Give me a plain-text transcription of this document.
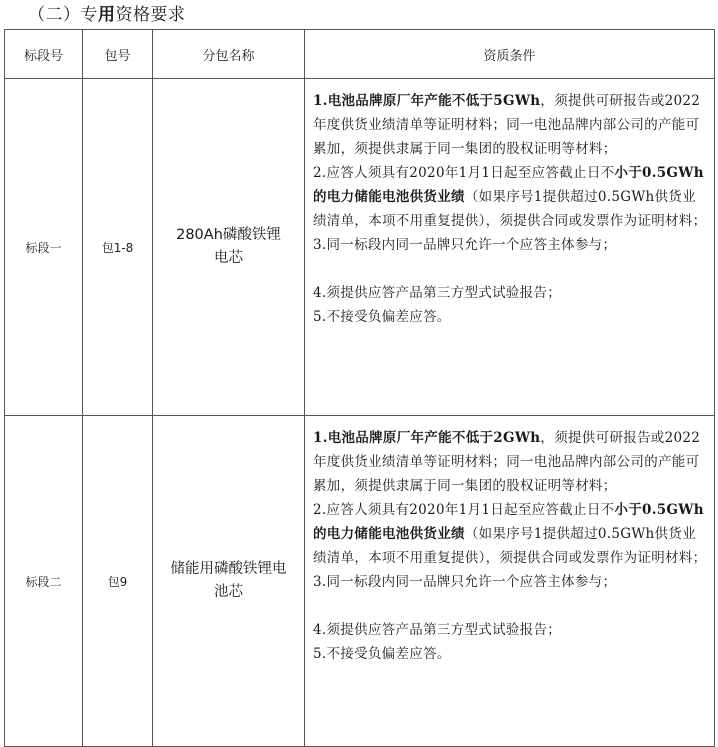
（二）专用资格要求
标段号	包号	分包名称	资质条件
标段一	包1-8	280Ah磷酸铁锂电芯	1.电池品牌原厂年产能不低于5GWh，须提供可研报告或2022年度供货业绩清单等证明材料；同一电池品牌内部公司的产能可累加，须提供隶属于同一集团的股权证明等材料；

2.应答人须具有2020年1月1日起至应答截止日不小于0.5GWh的电力储能电池供货业绩（如果序号1提供超过0.5GWh供货业绩清单，本项不用重复提供），须提供合同或发票作为证明材料；

3.同一标段内同一品牌只允许一个应答主体参与；

4.须提供应答产品第三方型式试验报告；

5.不接受负偏差应答。

标段二	包9	储能用磷酸铁锂电池芯	1.电池品牌原厂年产能不低于2GWh，须提供可研报告或2022年度供货业绩清单等证明材料；同一电池品牌内部公司的产能可累加，须提供隶属于同一集团的股权证明等材料；

2.应答人须具有2020年1月1日起至应答截止日不小于0.5GWh的电力储能电池供货业绩（如果序号1提供超过0.5GWh供货业绩清单，本项不用重复提供），须提供合同或发票作为证明材料；

3.同一标段内同一品牌只允许一个应答主体参与；

4.须提供应答产品第三方型式试验报告；

5.不接受负偏差应答。
